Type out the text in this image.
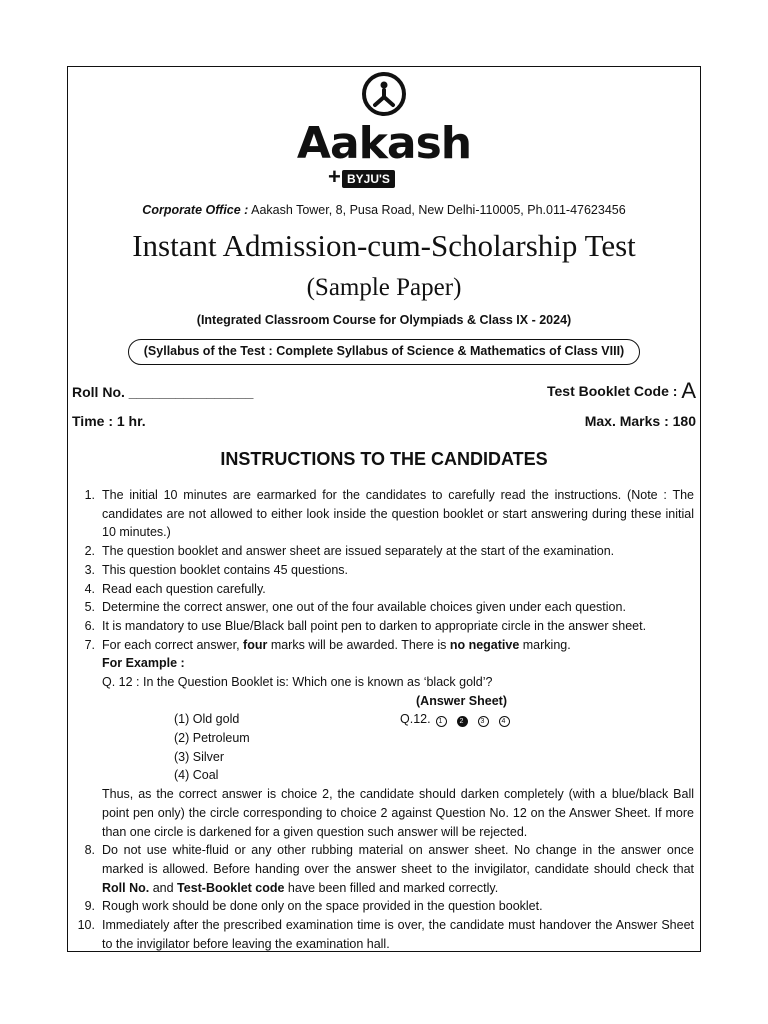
Aakash
+ BYJU'S
Corporate Office : Aakash Tower, 8, Pusa Road, New Delhi-110005, Ph.011-47623456
Instant Admission-cum-Scholarship Test
(Sample Paper)
(Integrated Classroom Course for Olympiads & Class IX - 2024)
(Syllabus of the Test : Complete Syllabus of Science & Mathematics of Class VIII)
Roll No. ________________	Test Booklet Code : A
Time : 1 hr.	Max. Marks : 180
INSTRUCTIONS TO THE CANDIDATES
1. The initial 10 minutes are earmarked for the candidates to carefully read the instructions. (Note : The candidates are not allowed to either look inside the question booklet or start answering during these initial 10 minutes.)
2. The question booklet and answer sheet are issued separately at the start of the examination.
3. This question booklet contains 45 questions.
4. Read each question carefully.
5. Determine the correct answer, one out of the four available choices given under each question.
6. It is mandatory to use Blue/Black ball point pen to darken to appropriate circle in the answer sheet.
7. For each correct answer, four marks will be awarded. There is no negative marking.
For Example :
Q. 12 : In the Question Booklet is: Which one is known as ‘black gold’?
(Answer Sheet)
(1) Old gold	Q.12.	1 2 3 4
(2) Petroleum
(3) Silver
(4) Coal
Thus, as the correct answer is choice 2, the candidate should darken completely (with a blue/black Ball point pen only) the circle corresponding to choice 2 against Question No. 12 on the Answer Sheet. If more than one circle is darkened for a given question such answer will be rejected.
8. Do not use white-fluid or any other rubbing material on answer sheet. No change in the answer once marked is allowed. Before handing over the answer sheet to the invigilator, candidate should check that Roll No. and Test-Booklet code have been filled and marked correctly.
9. Rough work should be done only on the space provided in the question booklet.
10. Immediately after the prescribed examination time is over, the candidate must handover the Answer Sheet to the invigilator before leaving the examination hall.
